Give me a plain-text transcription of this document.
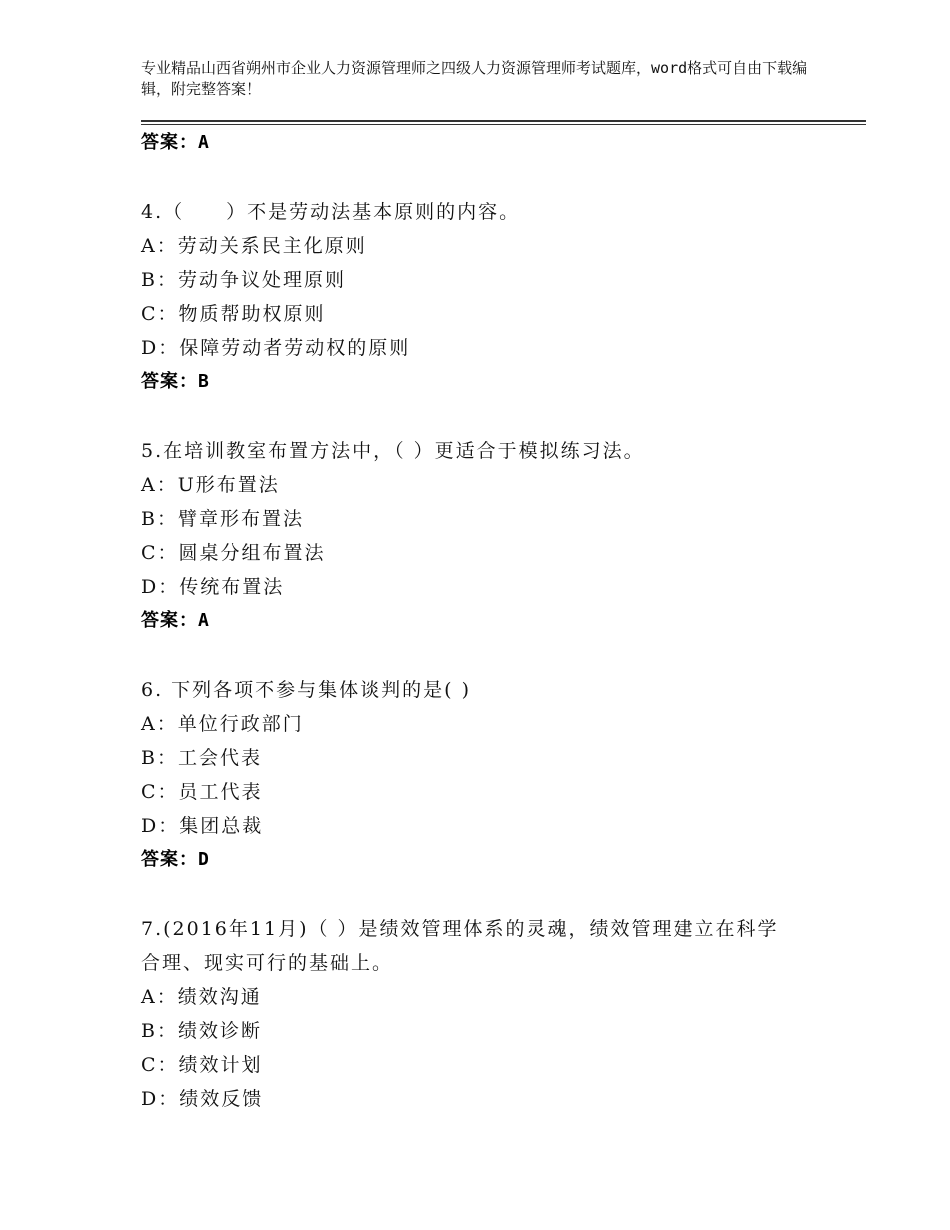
专业精品山西省朔州市企业人力资源管理师之四级人力资源管理师考试题库，word格式可自由下载编辑，附完整答案！
答案：A
4.（　　）不是劳动法基本原则的内容。
A：劳动关系民主化原则
B：劳动争议处理原则
C：物质帮助权原则
D：保障劳动者劳动权的原则
答案：B
5.在培训教室布置方法中，（ ）更适合于模拟练习法。
A：U形布置法
B：臂章形布置法
C：圆桌分组布置法
D：传统布置法
答案：A
6. 下列各项不参与集体谈判的是( )
A：单位行政部门
B：工会代表
C：员工代表
D：集团总裁
答案：D
7.(2016年11月)（ ）是绩效管理体系的灵魂，绩效管理建立在科学
合理、现实可行的基础上。
A：绩效沟通
B：绩效诊断
C：绩效计划
D：绩效反馈
